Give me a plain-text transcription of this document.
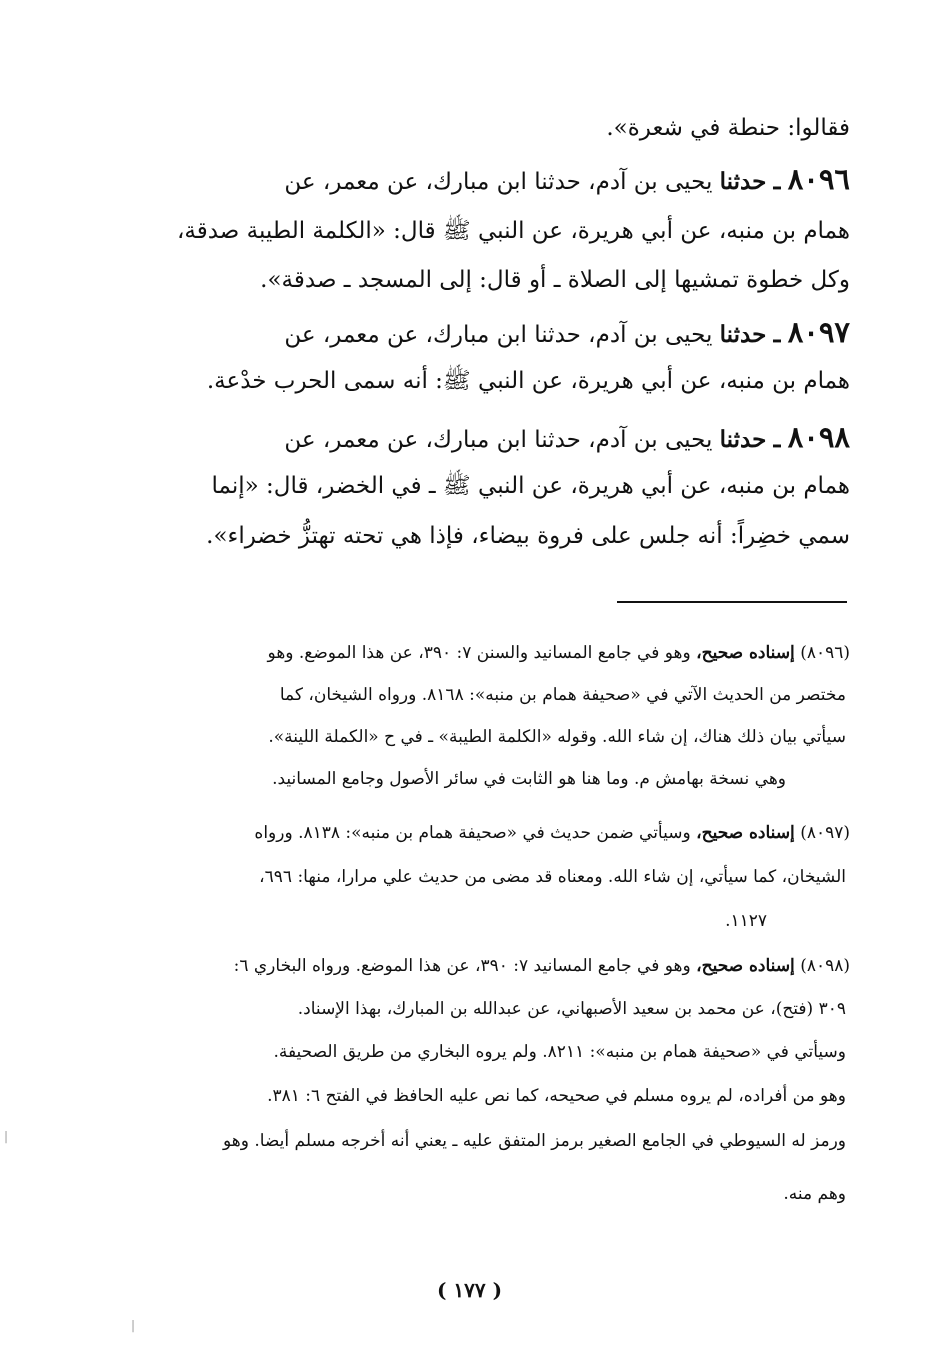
فقالوا: حنطة في شعرة».
٨٠٩٦ ـ حدثنا يحيى بن آدم، حدثنا ابن مبارك، عن معمر، عن
همام بن منبه، عن أبي هريرة، عن النبي ﷺ قال: «الكلمة الطيبة صدقة،
وكل خطوة تمشيها إلى الصلاة ـ أو قال: إلى المسجد ـ صدقة».
٨٠٩٧ ـ حدثنا يحيى بن آدم، حدثنا ابن مبارك، عن معمر، عن
همام بن منبه، عن أبي هريرة، عن النبي ﷺ: أنه سمى الحرب خدْعة.
٨٠٩٨ ـ حدثنا يحيى بن آدم، حدثنا ابن مبارك، عن معمر، عن
همام بن منبه، عن أبي هريرة، عن النبي ﷺ ـ في الخضر، قال: «إنما
سمي خضِراً: أنه جلس على فروة بيضاء، فإذا هي تحته تهتزُّ خضراء».
(٨٠٩٦) إسناده صحيح، وهو في جامع المسانيد والسنن ٧: ٣٩٠، عن هذا الموضع. وهو
مختصر من الحديث الآتي في «صحيفة همام بن منبه»: ٨١٦٨. ورواه الشيخان، كما
سيأتي بيان ذلك هناك، إن شاء الله. وقوله «الكلمة الطيبة» ـ في ح «الكملة اللينة».
وهي نسخة بهامش م. وما هنا هو الثابت في سائر الأصول وجامع المسانيد.
(٨٠٩٧) إسناده صحيح، وسيأتي ضمن حديث في «صحيفة همام بن منبه»: ٨١٣٨. ورواه
الشيخان، كما سيأتي، إن شاء الله. ومعناه قد مضى من حديث علي مرارا، منها: ٦٩٦،
١١٢٧.
(٨٠٩٨) إسناده صحيح، وهو في جامع المسانيد ٧: ٣٩٠، عن هذا الموضع. ورواه البخاري ٦:
٣٠٩ (فتح)، عن محمد بن سعيد الأصبهاني، عن عبدالله بن المبارك، بهذا الإسناد.
وسيأتي في «صحيفة همام بن منبه»: ٨٢١١. ولم يروه البخاري من طريق الصحيفة.
وهو من أفراده، لم يروه مسلم في صحيحه، كما نص عليه الحافظ في الفتح ٦: ٣٨١.
ورمز له السيوطي في الجامع الصغير برمز المتفق عليه ـ يعني أنه أخرجه مسلم أيضا. وهو
وهم منه.
( ١٧٧ )
|
|
